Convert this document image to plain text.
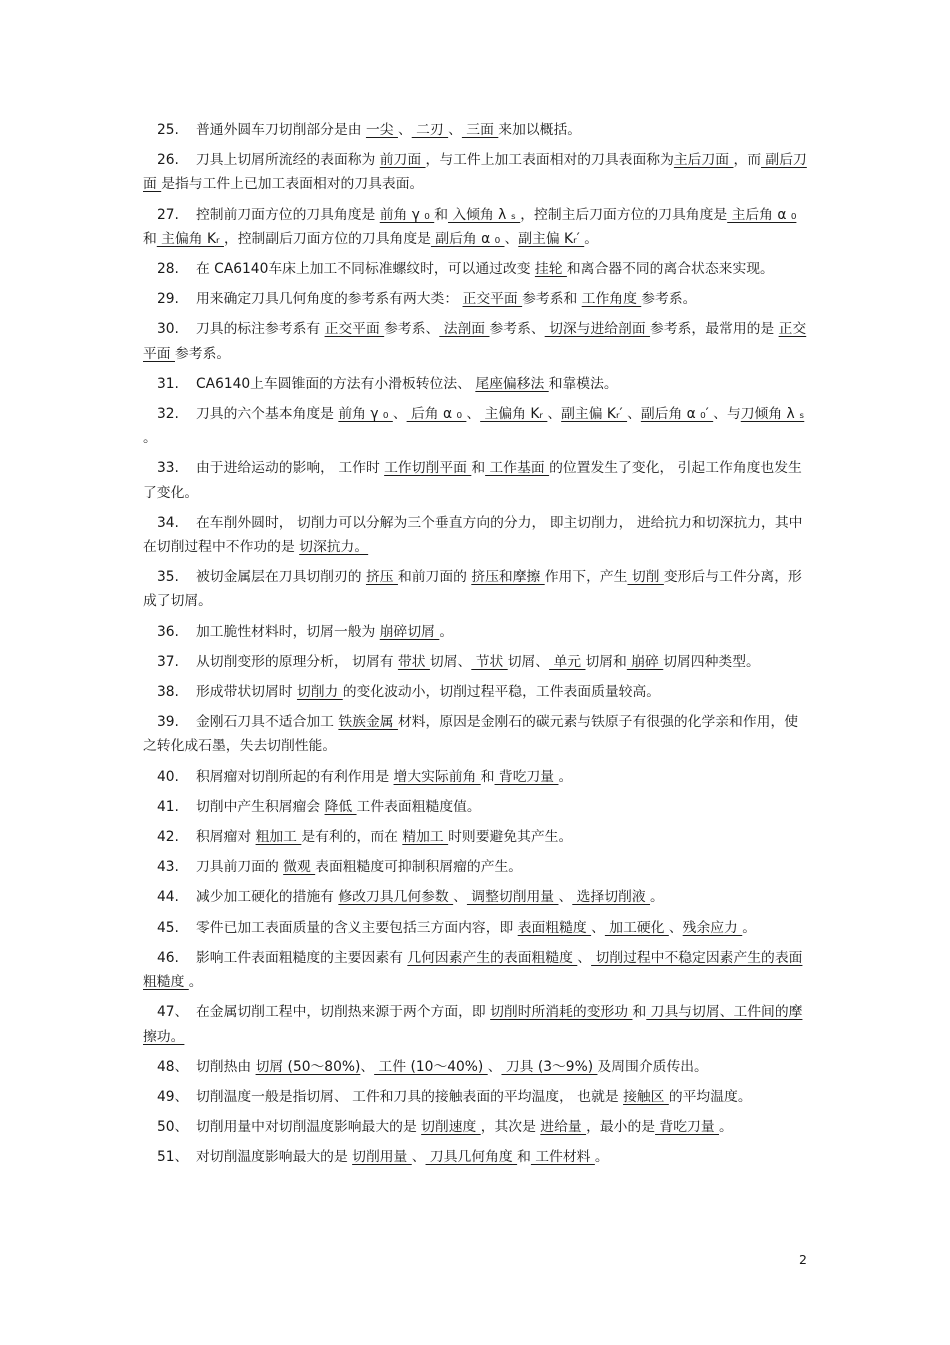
25. 普通外圆车刀切削部分是由 一尖 、 二刃 、 三面 来加以概括。
26. 刀具上切屑所流经的表面称为 前刀面 ，与工件上加工表面相对的刀具表面称为主后刀面 ，而 副后刀面 是指与工件上已加工表面相对的刀具表面。
27. 控制前刀面方位的刀具角度是 前角 γ ₀ 和 入倾角 λ ₛ ，控制主后刀面方位的刀具角度是 主后角 α ₀ 和 主偏角 Kᵣ ，控制副后刀面方位的刀具角度是 副后角 α ₀ 、副主偏 Kᵣ′ 。
28. 在 CA6140车床上加工不同标准螺纹时，可以通过改变 挂轮 和离合器不同的离合状态来实现。
29. 用来确定刀具几何角度的参考系有两大类： 正交平面 参考系和 工作角度 参考系。
30. 刀具的标注参考系有 正交平面 参考系、 法剖面 参考系、 切深与进给剖面 参考系，最常用的是 正交平面 参考系。
31. CA6140上车圆锥面的方法有小滑板转位法、 尾座偏移法 和靠模法。
32. 刀具的六个基本角度是 前角 γ ₀ 、 后角 α ₀ 、 主偏角 Kᵣ 、副主偏 Kᵣ′ 、副后角 α ₀′ 、与刀倾角 λ ₛ 。
33. 由于进给运动的影响， 工作时 工作切削平面 和 工作基面 的位置发生了变化， 引起工作角度也发生了变化。
34. 在车削外圆时， 切削力可以分解为三个垂直方向的分力， 即主切削力， 进给抗力和切深抗力，其中在切削过程中不作功的是 切深抗力。
35. 被切金属层在刀具切削刃的 挤压 和前刀面的 挤压和摩擦 作用下，产生 切削 变形后与工件分离，形成了切屑。
36. 加工脆性材料时，切屑一般为 崩碎切屑 。
37. 从切削变形的原理分析， 切屑有 带状 切屑、 节状 切屑、 单元 切屑和 崩碎 切屑四种类型。
38. 形成带状切屑时 切削力 的变化波动小，切削过程平稳，工件表面质量较高。
39. 金刚石刀具不适合加工 铁族金属 材料，原因是金刚石的碳元素与铁原子有很强的化学亲和作用，使之转化成石墨，失去切削性能。
40. 积屑瘤对切削所起的有利作用是 增大实际前角 和 背吃刀量 。
41. 切削中产生积屑瘤会 降低 工件表面粗糙度值。
42. 积屑瘤对 粗加工 是有利的，而在 精加工 时则要避免其产生。
43. 刀具前刀面的 微观 表面粗糙度可抑制积屑瘤的产生。
44. 减少加工硬化的措施有 修改刀具几何参数 、 调整切削用量 、 选择切削液 。
45. 零件已加工表面质量的含义主要包括三方面内容，即 表面粗糙度 、 加工硬化 、残余应力 。
46. 影响工件表面粗糙度的主要因素有 几何因素产生的表面粗糙度 、 切削过程中不稳定因素产生的表面粗糙度 。
47、 在金属切削工程中，切削热来源于两个方面，即 切削时所消耗的变形功 和 刀具与切屑、工件间的摩擦功。
48、 切削热由 切屑 (50～80%)、 工件 (10～40%) 、 刀具 (3～9%) 及周围介质传出。
49、 切削温度一般是指切屑、 工件和刀具的接触表面的平均温度， 也就是 接触区 的平均温度。
50、 切削用量中对切削温度影响最大的是 切削速度 ，其次是 进给量 ，最小的是 背吃刀量 。
51、 对切削温度影响最大的是 切削用量 、 刀具几何角度 和 工件材料 。
2
